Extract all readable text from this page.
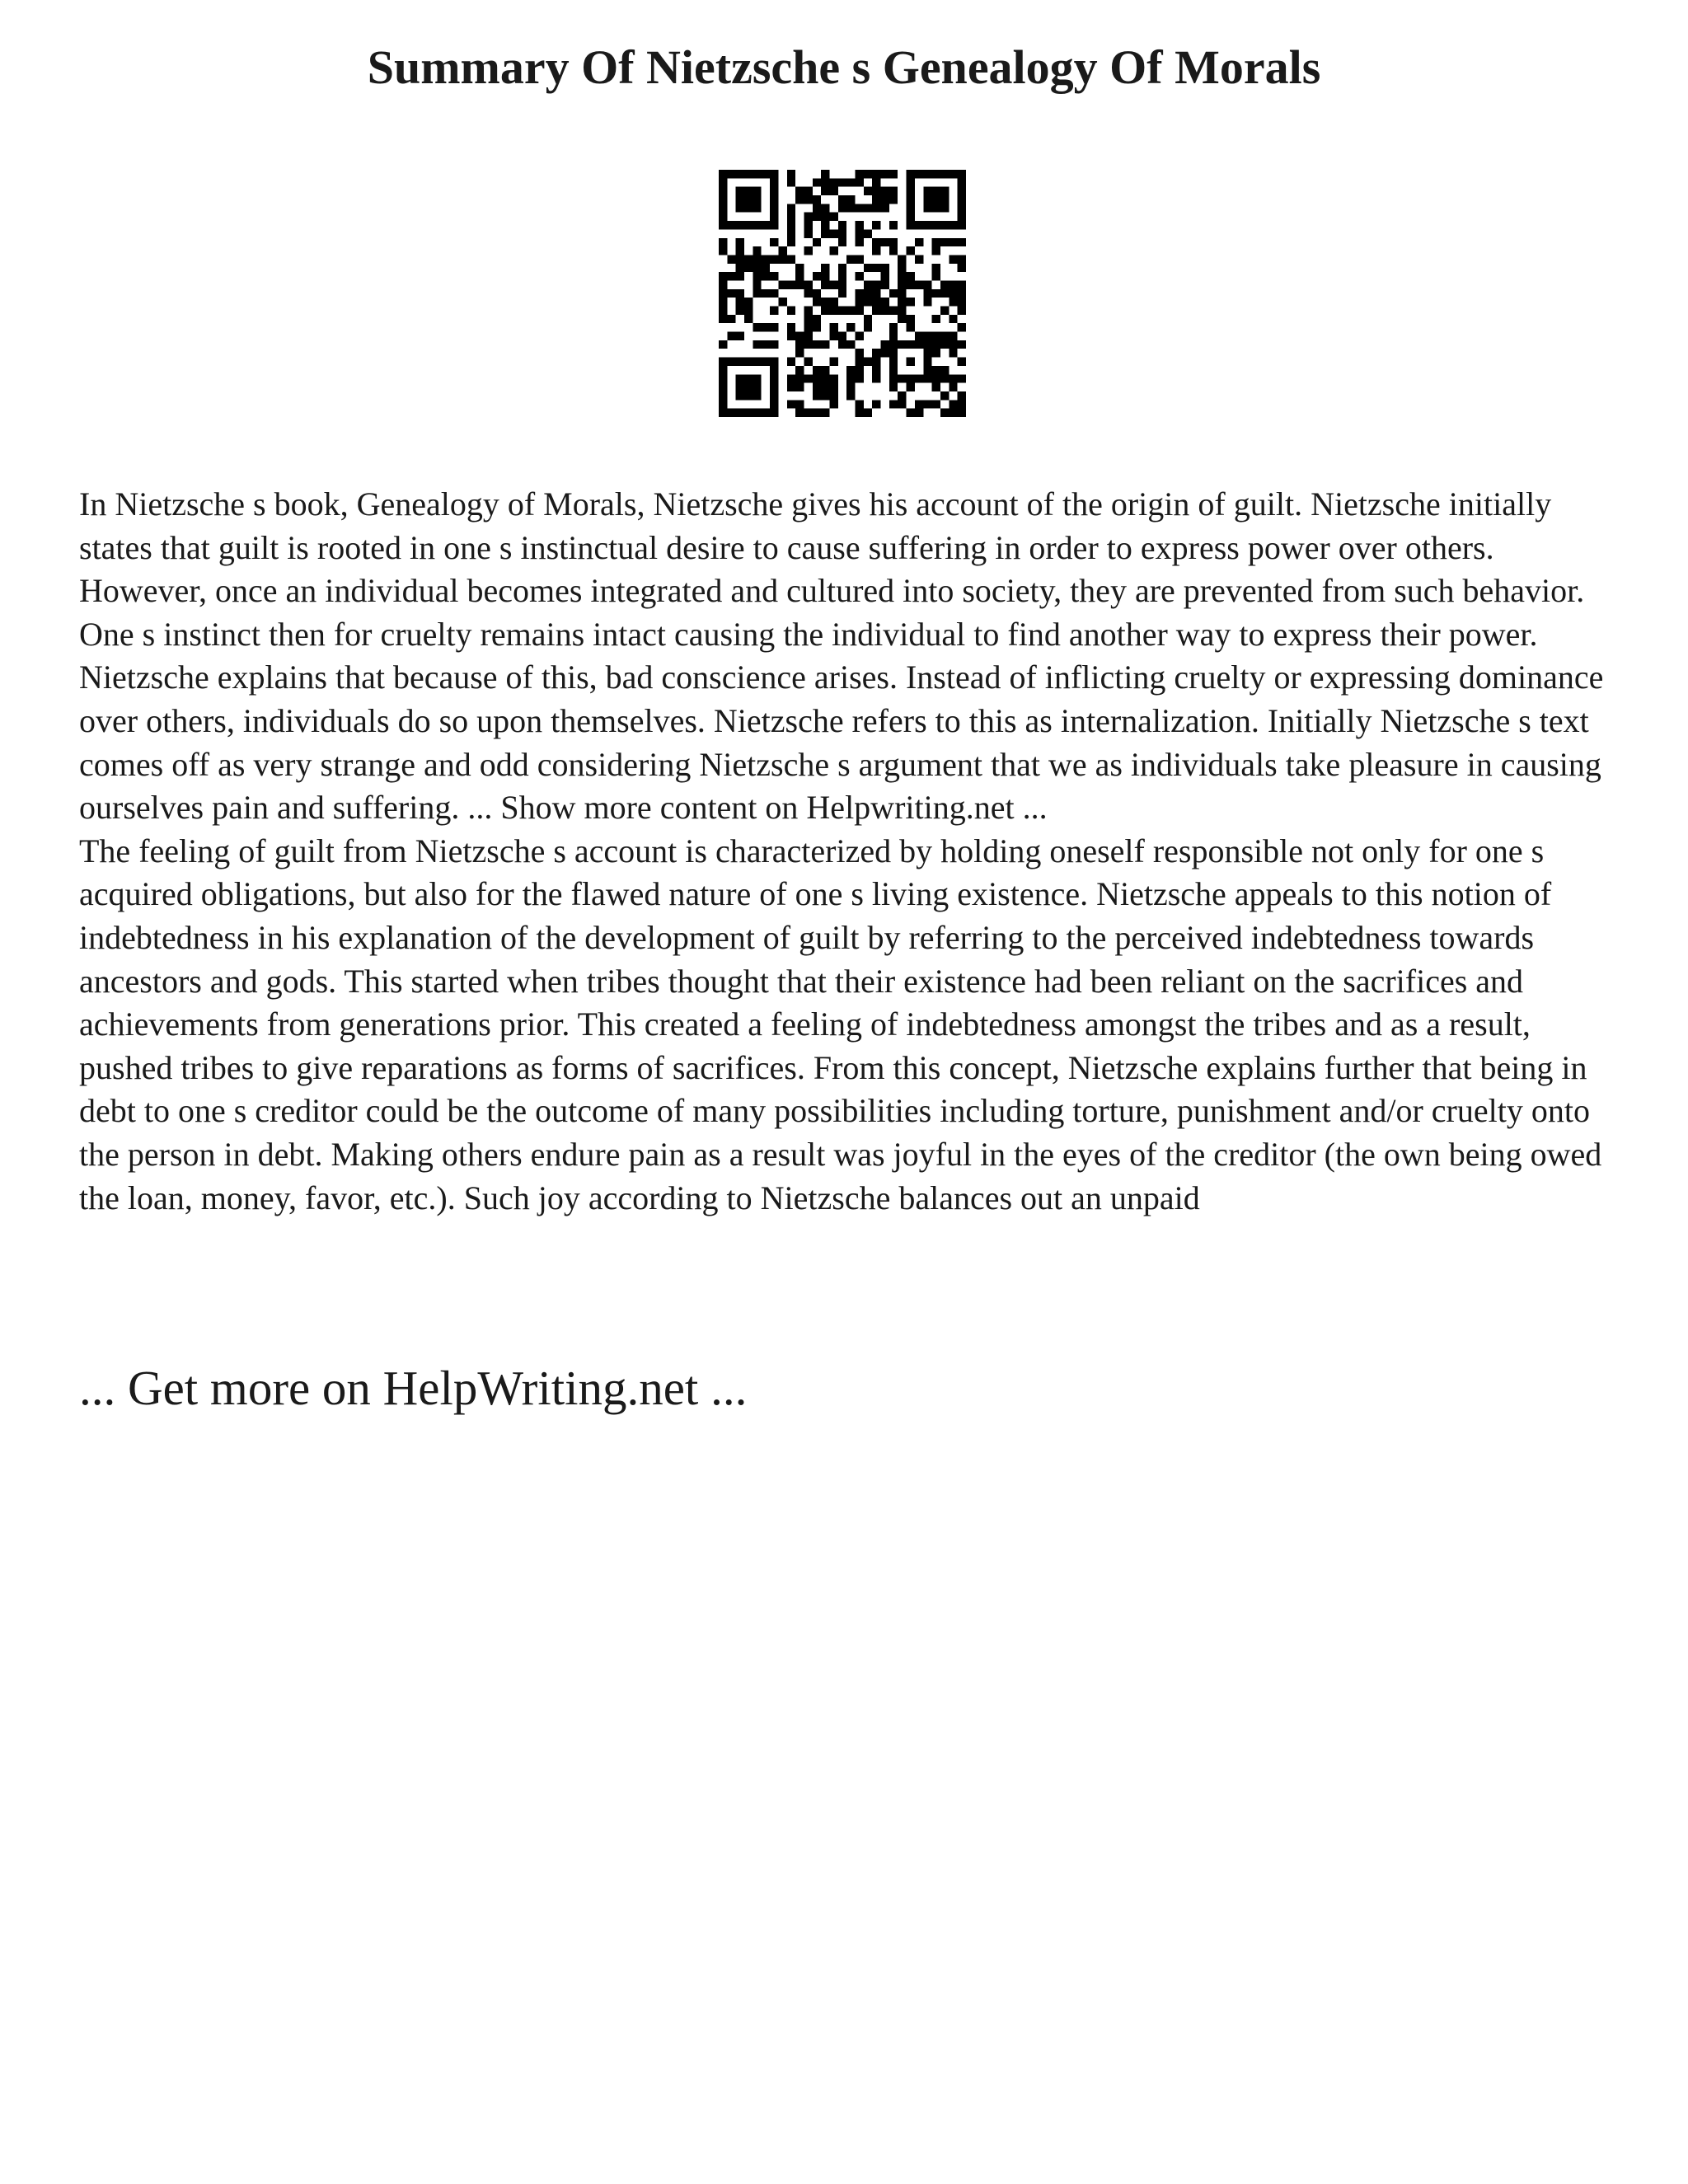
Summary Of Nietzsche s Genealogy Of Morals

In Nietzsche s book, Genealogy of Morals, Nietzsche gives his account of the origin of guilt. Nietzsche initially states that guilt is rooted in one s instinctual desire to cause suffering in order to express power over others. However, once an individual becomes integrated and cultured into society, they are prevented from such behavior. One s instinct then for cruelty remains intact causing the individual to find another way to express their power. Nietzsche explains that because of this, bad conscience arises. Instead of inflicting cruelty or expressing dominance over others, individuals do so upon themselves. Nietzsche refers to this as internalization. Initially Nietzsche s text comes off as very strange and odd considering Nietzsche s argument that we as individuals take pleasure in causing ourselves pain and suffering. ... Show more content on Helpwriting.net ...

The feeling of guilt from Nietzsche s account is characterized by holding oneself responsible not only for one s acquired obligations, but also for the flawed nature of one s living existence. Nietzsche appeals to this notion of indebtedness in his explanation of the development of guilt by referring to the perceived indebtedness towards ancestors and gods. This started when tribes thought that their existence had been reliant on the sacrifices and achievements from generations prior. This created a feeling of indebtedness amongst the tribes and as a result, pushed tribes to give reparations as forms of sacrifices. From this concept, Nietzsche explains further that being in debt to one s creditor could be the outcome of many possibilities including torture, punishment and/or cruelty onto the person in debt. Making others endure pain as a result was joyful in the eyes of the creditor (the own being owed the loan, money, favor, etc.). Such joy according to Nietzsche balances out an unpaid

... Get more on HelpWriting.net ...
